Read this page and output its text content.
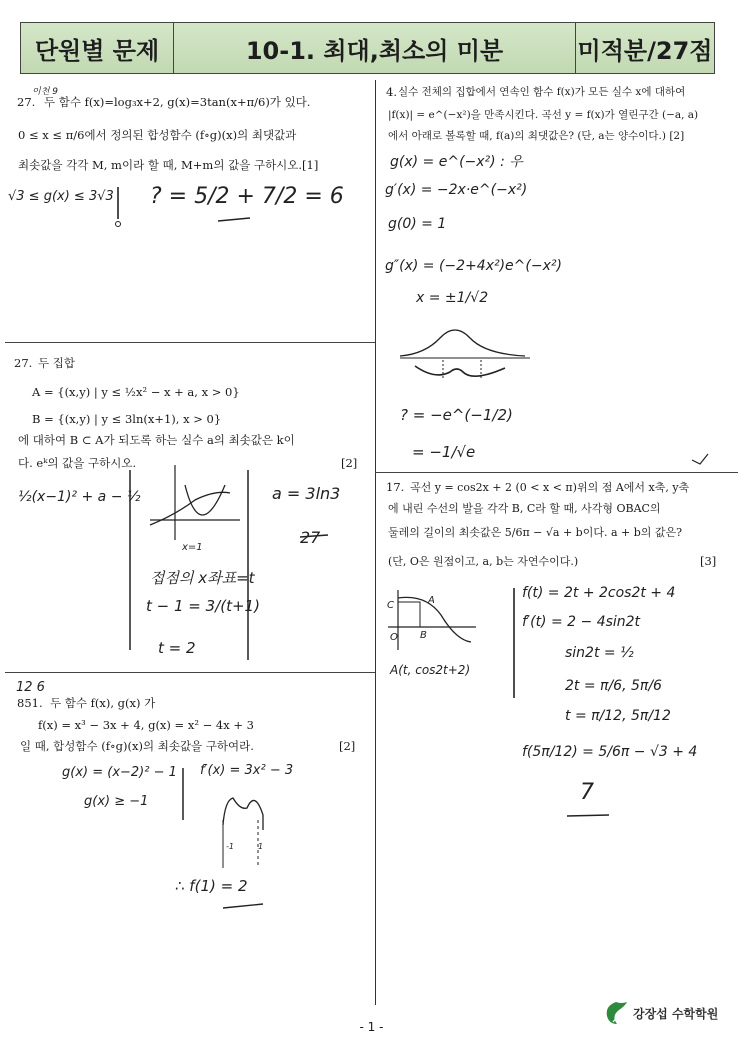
단원별 문제	10-1. 최대,최소의 미분	미적분/27점
이천 9
27. 두 함수 f(x)=log₃x+2, g(x)=3tan(x+π/6)가 있다.
0 ≤ x ≤ π/6에서 정의된 합성함수 (f∘g)(x)의 최댓값과
최솟값을 각각 M, m이라 할 때, M+m의 값을 구하시오.[1]
√3 ≤ g(x) ≤ 3√3 ? = 5/2 + 7/2 = 6
27. 두 집합
A = {(x,y) | y ≤ ½x² − x + a, x > 0}
B = {(x,y) | y ≤ 3ln(x+1), x > 0}
에 대하여 B ⊂ A가 되도록 하는 실수 a의 최솟값은 k이
다. eᵏ의 값을 구하시오.	[2]
½(x−1)² + a − ½	a = 3ln3
27
x=1
접점의 x좌표=t
t − 1 = 3/(t+1)
t = 2
12 6
851. 두 함수 f(x), g(x) 가
f(x) = x³ − 3x + 4, g(x) = x² − 4x + 3
일 때, 합성함수 (f∘g)(x)의 최솟값을 구하여라.	[2]
g(x) = (x−2)² − 1 f′(x) = 3x² − 3
g(x) ≥ −1
∴ f(1) = 2
-1	1
4. 실수 전체의 집합에서 연속인 함수 f(x)가 모든 실수 x에 대하여
|f(x)| = e^(−x²)을 만족시킨다. 곡선 y = f(x)가 열린구간 (−a, a)
에서 아래로 볼록할 때, f(a)의 최댓값은? (단, a는 양수이다.) [2]
g(x) = e^(−x²) : 우
g′(x) = −2x·e^(−x²)
g(0) = 1
g″(x) = (−2+4x²)e^(−x²)
x = ±1/√2
? = −e^(−1/2)
= −1/√e
17. 곡선 y = cos2x + 2 (0 < x < π)위의 점 A에서 x축, y축
에 내린 수선의 발을 각각 B, C라 할 때, 사각형 OBAC의
둘레의 길이의 최솟값은 5/6π − √a + b이다. a + b의 값은?
(단, O은 원점이고, a, b는 자연수이다.)	[3]
C	A
O B
A(t, cos2t+2)
f(t) = 2t + 2cos2t + 4
f′(t) = 2 − 4sin2t
sin2t = ½
2t = π/6, 5π/6
t = π/12, 5π/12
f(5π/12) = 5/6π − √3 + 4
7
- 1 -
강장섭 수학학원
